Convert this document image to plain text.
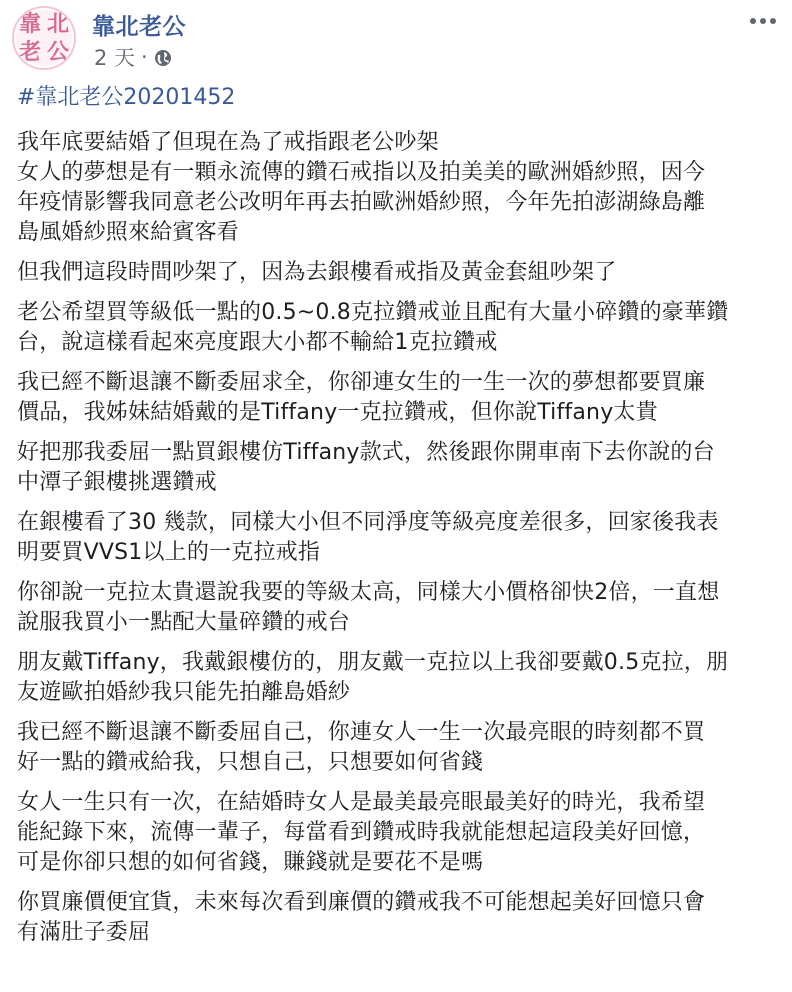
靠 北
老 公
靠北老公
2 天 ·
#靠北老公20201452
我年底要結婚了但現在為了戒指跟老公吵架
女人的夢想是有一顆永流傳的鑽石戒指以及拍美美的歐洲婚紗照，因今
年疫情影響我同意老公改明年再去拍歐洲婚紗照，今年先拍澎湖綠島離
島風婚紗照來給賓客看
但我們這段時間吵架了，因為去銀樓看戒指及黃金套組吵架了
老公希望買等級低一點的0.5~0.8克拉鑽戒並且配有大量小碎鑽的豪華鑽
台，說這樣看起來亮度跟大小都不輸給1克拉鑽戒
我已經不斷退讓不斷委屈求全，你卻連女生的一生一次的夢想都要買廉
價品，我姊妹結婚戴的是Tiffany一克拉鑽戒，但你說Tiffany太貴
好把那我委屈一點買銀樓仿Tiffany款式，然後跟你開車南下去你說的台
中潭子銀樓挑選鑽戒
在銀樓看了30 幾款，同樣大小但不同淨度等級亮度差很多，回家後我表
明要買VVS1以上的一克拉戒指
你卻說一克拉太貴還說我要的等級太高，同樣大小價格卻快2倍，一直想
說服我買小一點配大量碎鑽的戒台
朋友戴Tiffany，我戴銀樓仿的，朋友戴一克拉以上我卻要戴0.5克拉，朋
友遊歐拍婚紗我只能先拍離島婚紗
我已經不斷退讓不斷委屈自己，你連女人一生一次最亮眼的時刻都不買
好一點的鑽戒給我，只想自己，只想要如何省錢
女人一生只有一次，在結婚時女人是最美最亮眼最美好的時光，我希望
能紀錄下來，流傳一輩子，每當看到鑽戒時我就能想起這段美好回憶，
可是你卻只想的如何省錢，賺錢就是要花不是嗎
你買廉價便宜貨，未來每次看到廉價的鑽戒我不可能想起美好回憶只會
有滿肚子委屈
